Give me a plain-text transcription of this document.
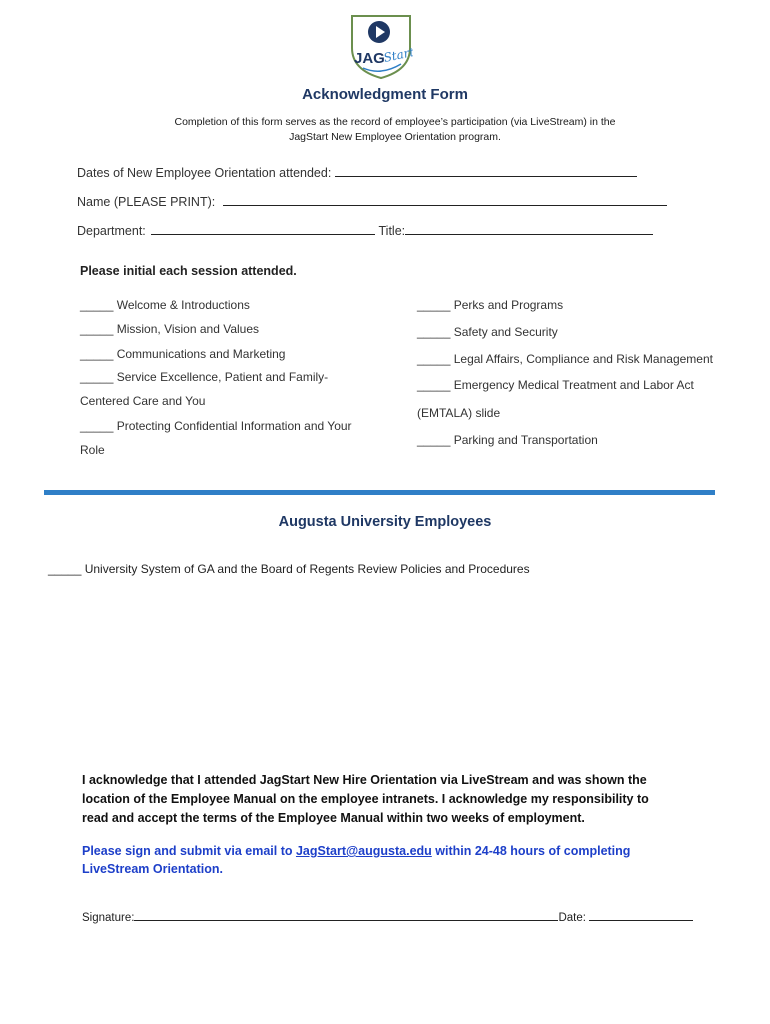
JAG
Start
Acknowledgment Form
Completion of this form serves as the record of employee’s participation (via LiveStream) in the
JagStart New Employee Orientation program.
Dates of New Employee Orientation attended:
Name (PLEASE PRINT):
Department:	Title:
Please initial each session attended.
_____ Welcome & Introductions
_____ Mission, Vision and Values
_____ Communications and Marketing
_____ Service Excellence, Patient and Family-
Centered Care and You
_____ Protecting Confidential Information and Your
Role
_____ Perks and Programs
_____ Safety and Security
_____ Legal Affairs, Compliance and Risk Management
_____ Emergency Medical Treatment and Labor Act
(EMTALA) slide
_____ Parking and Transportation
Augusta University Employees
_____ University System of GA and the Board of Regents Review Policies and Procedures
I acknowledge that I attended JagStart New Hire Orientation via LiveStream and was shown the
location of the Employee Manual on the employee intranets. I acknowledge my responsibility to
read and accept the terms of the Employee Manual within two weeks of employment.
Please sign and submit via email to JagStart@augusta.edu within 24-48 hours of completing
LiveStream Orientation.
Signature:	Date:
